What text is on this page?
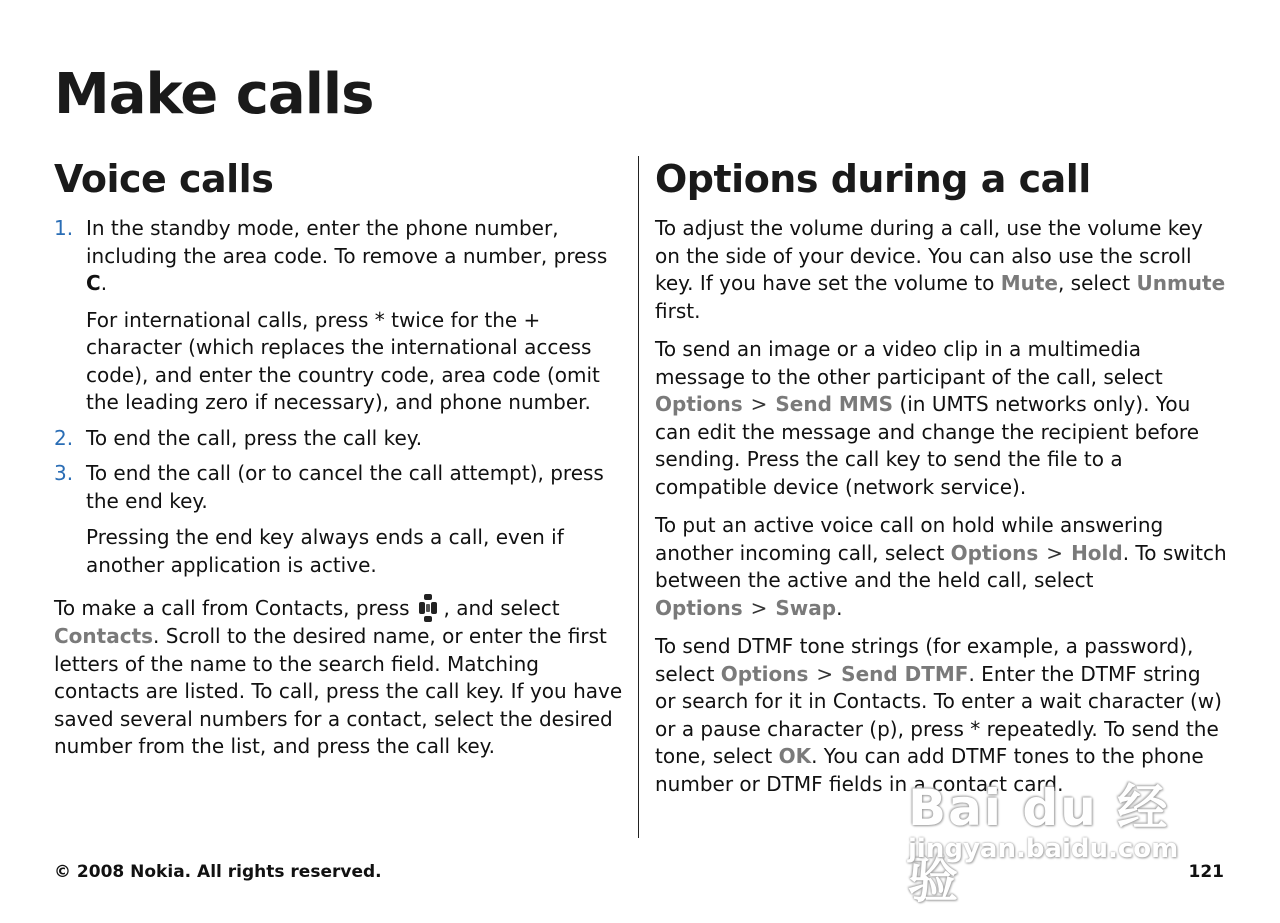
Make calls
Voice calls
1. In the standby mode, enter the phone number, including the area code. To remove a number, press C.
For international calls, press * twice for the + character (which replaces the international access code), and enter the country code, area code (omit the leading zero if necessary), and phone number.
2. To end the call, press the call key.
3. To end the call (or to cancel the call attempt), press the end key.
Pressing the end key always ends a call, even if another application is active.

To make a call from Contacts, press , and select Contacts. Scroll to the desired name, or enter the first letters of the name to the search field. Matching contacts are listed. To call, press the call key. If you have saved several numbers for a contact, select the desired number from the list, and press the call key.

Options during a call

To adjust the volume during a call, use the volume key on the side of your device. You can also use the scroll key. If you have set the volume to Mute, select Unmute first.

To send an image or a video clip in a multimedia message to the other participant of the call, select Options > Send MMS (in UMTS networks only). You can edit the message and change the recipient before sending. Press the call key to send the file to a compatible device (network service).

To put an active voice call on hold while answering another incoming call, select Options > Hold. To switch between the active and the held call, select Options > Swap.

To send DTMF tone strings (for example, a password), select Options > Send DTMF. Enter the DTMF string or search for it in Contacts. To enter a wait character (w) or a pause character (p), press * repeatedly. To send the tone, select OK. You can add DTMF tones to the phone number or DTMF fields in a contact card.

Bai du 经验
jingyan.baidu.com
© 2008 Nokia. All rights reserved.	121
